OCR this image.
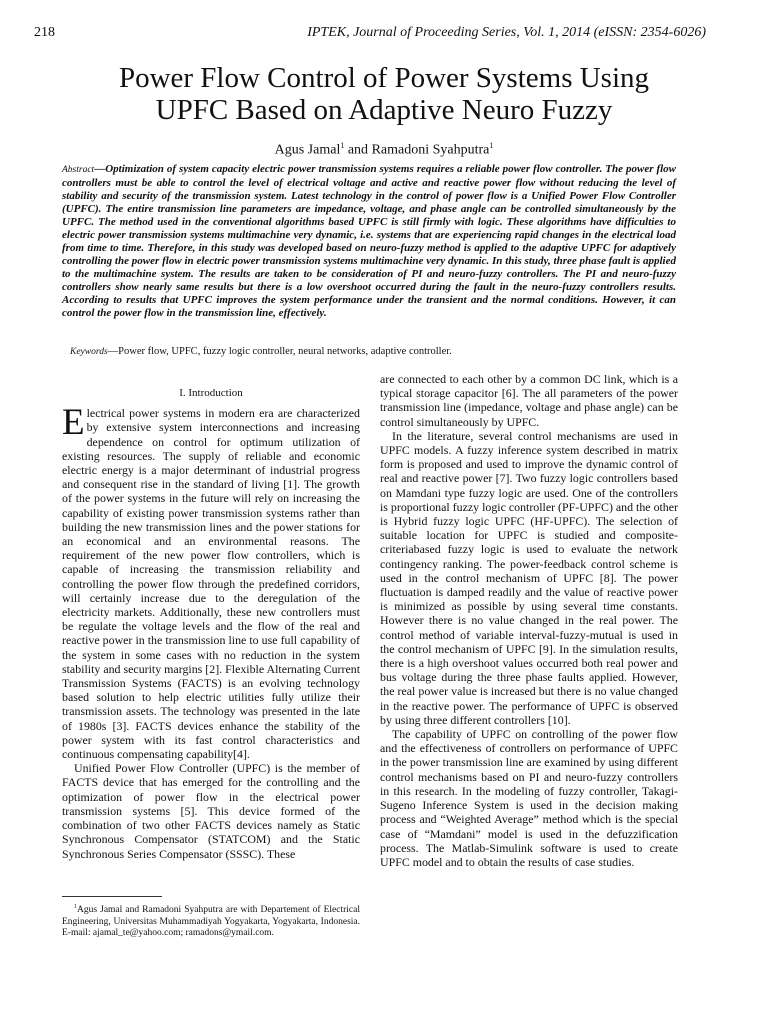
218	IPTEK, Journal of Proceeding Series, Vol. 1, 2014 (eISSN: 2354-6026)
Power Flow Control of Power Systems Using
UPFC Based on Adaptive Neuro Fuzzy
Agus Jamal$^1$ and Ramadoni Syahputra$^1$
Abstract—Optimization of system capacity electric power transmission systems requires a reliable power flow controller. The power flow controllers must be able to control the level of electrical voltage and active and reactive power flow without reducing the level of stability and security of the transmission system. Latest technology in the control of power flow is a Unified Power Flow Controller (UPFC). The entire transmission line parameters are impedance, voltage, and phase angle can be controlled simultaneously by the UPFC. The method used in the conventional algorithms based UPFC is still firmly with logic. These algorithms have difficulties to electric power transmission systems multimachine very dynamic, i.e. systems that are experiencing rapid changes in the electrical load from time to time. Therefore, in this study was developed based on neuro-fuzzy method is applied to the adaptive UPFC for adaptively controlling the power flow in electric power transmission systems multimachine very dynamic. In this study, three phase fault is applied to the multimachine system. The results are taken to be consideration of PI and neuro-fuzzy controllers. The PI and neuro-fuzzy controllers show nearly same results but there is a low overshoot occurred during the fault in the neuro-fuzzy controllers results. According to results that UPFC improves the system performance under the transient and the normal conditions. However, it can control the power flow in the transmission line, effectively.
Keywords—Power flow, UPFC, fuzzy logic controller, neural networks, adaptive controller.
I. Introduction

Electrical power systems in modern era are characterized by extensive system interconnections and increasing dependence on control for optimum utilization of existing resources. The supply of reliable and economic electric energy is a major determinant of industrial progress and consequent rise in the standard of living [1]. The growth of the power systems in the future will rely on increasing the capability of existing power transmission systems rather than building the new transmission lines and the power stations for an economical and an environmental reasons. The requirement of the new power flow controllers, which is capable of increasing the transmission reliability and controlling the power flow through the predefined corridors, will certainly increase due to the deregulation of the electricity markets. Additionally, these new controllers must be regulate the voltage levels and the flow of the real and reactive power in the transmission line to use full capability of the system in some cases with no reduction in the system stability and security margins [2]. Flexible Alternating Current Transmission Systems (FACTS) is an evolving technology based solution to help electric utilities fully utilize their transmission assets. The technology was presented in the late of 1980s [3]. FACTS devices enhance the stability of the power system with its fast control characteristics and continuous compensating capability[4].

Unified Power Flow Controller (UPFC) is the member of FACTS device that has emerged for the controlling and the optimization of power flow in the electrical power transmission systems [5]. This device formed of the combination of two other FACTS devices namely as Static Synchronous Compensator (STATCOM) and the Static Synchronous Series Compensator (SSSC). These

are connected to each other by a common DC link, which is a typical storage capacitor [6]. The all parameters of the power transmission line (impedance, voltage and phase angle) can be control simultaneously by UPFC.

In the literature, several control mechanisms are used in UPFC models. A fuzzy inference system described in matrix form is proposed and used to improve the dynamic control of real and reactive power [7]. Two fuzzy logic controllers based on Mamdani type fuzzy logic are used. One of the controllers is proportional fuzzy logic controller (PF-UPFC) and the other is Hybrid fuzzy logic UPFC (HF-UPFC). The selection of suitable location for UPFC is studied and composite-criteriabased fuzzy logic is used to evaluate the network contingency ranking. The power-feedback control scheme is used in the control mechanism of UPFC [8]. The power fluctuation is damped readily and the value of reactive power is minimized as possible by using several time constants. However there is no value changed in the real power. The control method of variable interval-fuzzy-mutual is used in the control mechanism of UPFC [9]. In the simulation results, there is a high overshoot values occurred both real power and bus voltage during the three phase faults applied. However, the real power value is increased but there is no value changed in the reactive power. The performance of UPFC is observed by using three different controllers [10].

The capability of UPFC on controlling of the power flow and the effectiveness of controllers on performance of UPFC in the power transmission line are examined by using different control mechanisms based on PI and neuro-fuzzy controllers in this research. In the modeling of fuzzy controller, Takagi-Sugeno Inference System is used in the decision making process and “Weighted Average” method which is the special case of “Mamdani” model is used in the defuzzification process. The Matlab-Simulink software is used to create UPFC model and to obtain the results of case studies.

$^1$Agus Jamal and Ramadoni Syahputra are with Departement of Electrical Engineering, Universitas Muhammadiyah Yogyakarta, Yogyakarta, Indonesia. E-mail: ajamal_te@yahoo.com; ramadons@ymail.com.
